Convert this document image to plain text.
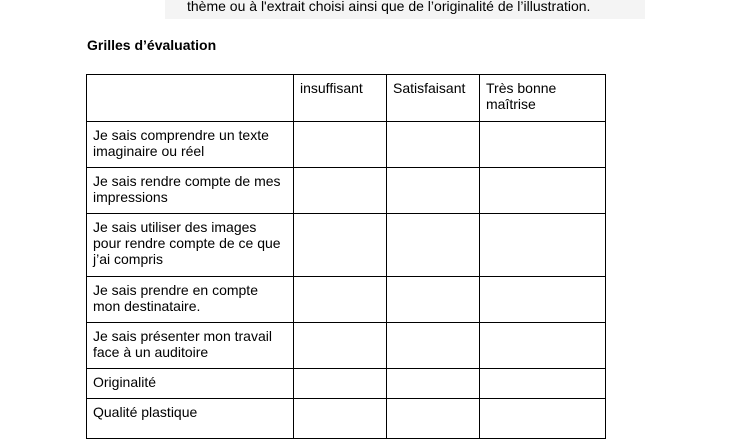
thème ou à l'extrait choisi ainsi que de l’originalité de l’illustration.
Grilles d’évaluation
	insuffisant	Satisfaisant	Très bonne maîtrise
Je sais comprendre un texte imaginaire ou réel			
Je sais rendre compte de mes impressions			
Je sais utiliser des images pour rendre compte de ce que j’ai compris			
Je sais prendre en compte mon destinataire.			
Je sais présenter mon travail face à un auditoire			
Originalité			
Qualité plastique			
